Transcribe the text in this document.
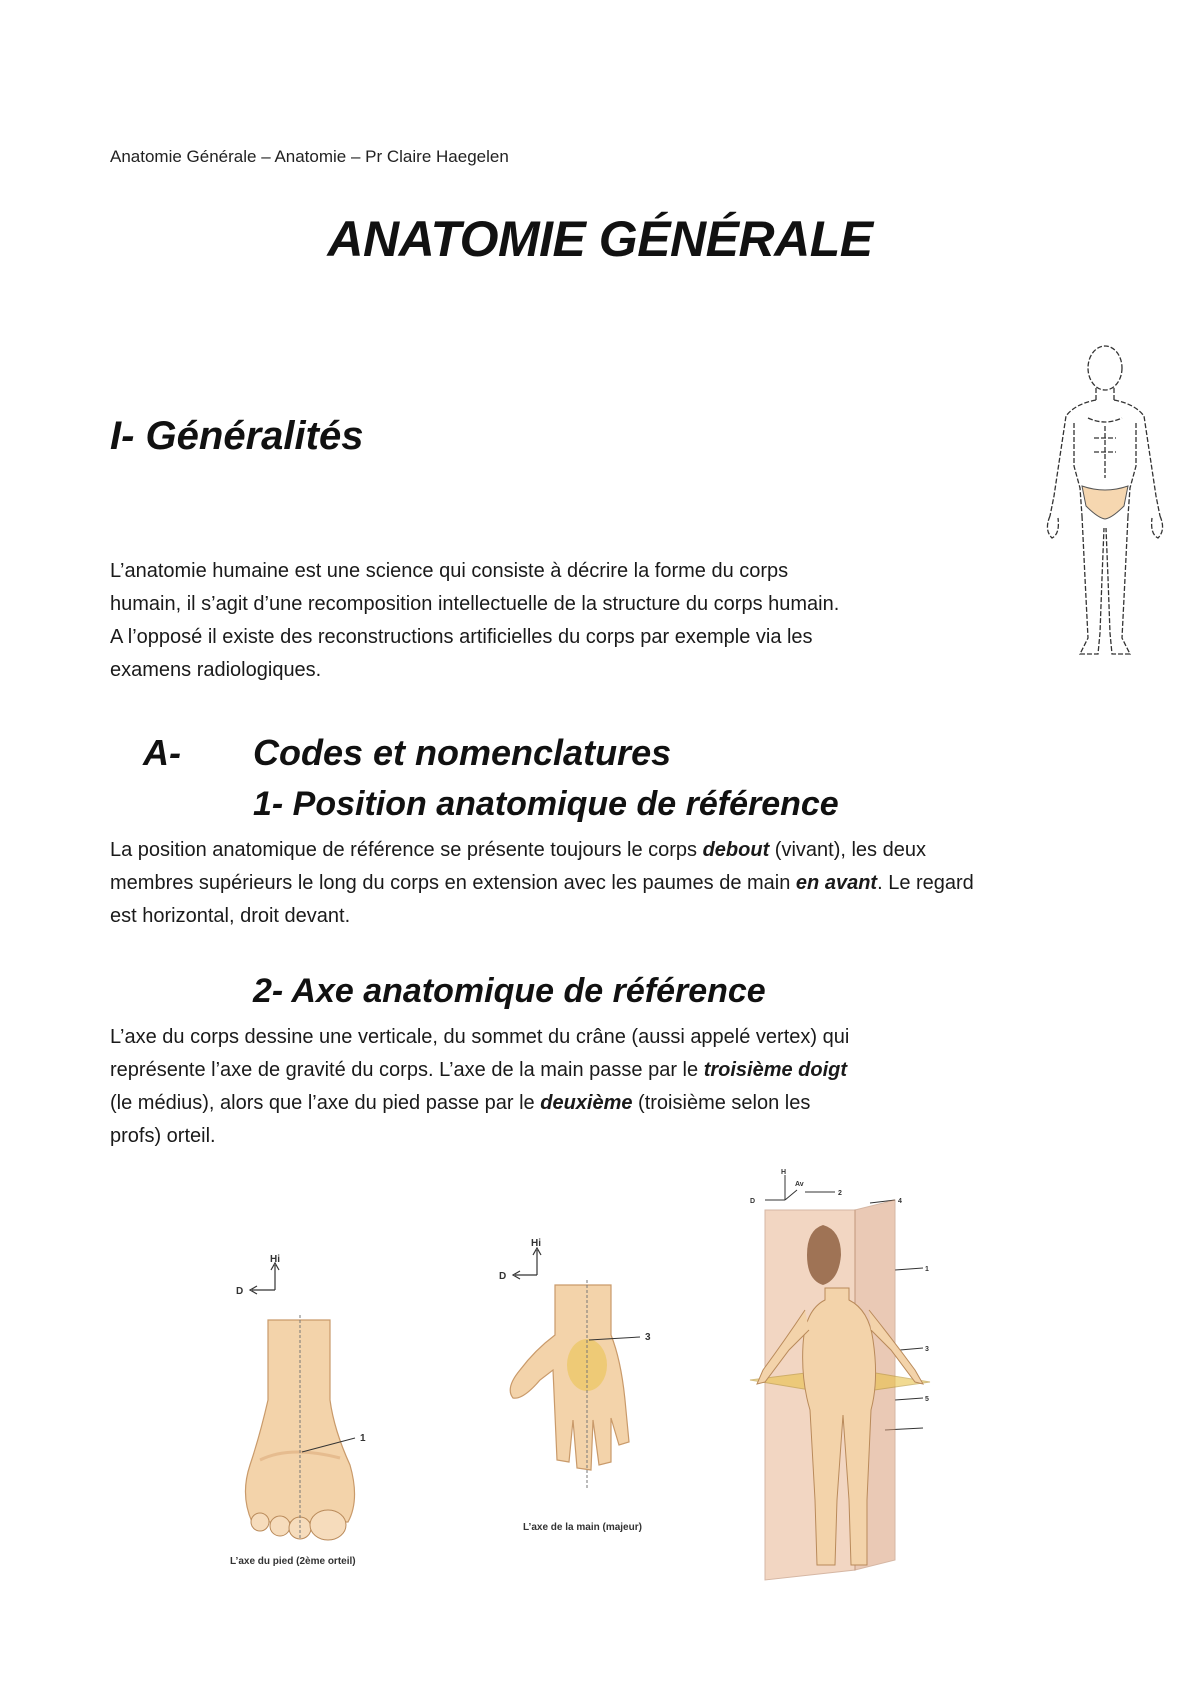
Anatomie Générale – Anatomie – Pr Claire Haegelen
ANATOMIE GÉNÉRALE
I- Généralités
L’anatomie humaine est une science qui consiste à décrire la forme du corps
humain, il s’agit d’une recomposition intellectuelle de la structure du corps humain.
A l’opposé il existe des reconstructions artificielles du corps par exemple via les
examens radiologiques.
A- Codes et nomenclatures
1- Position anatomique de référence
La position anatomique de référence se présente toujours le corps debout (vivant), les deux
membres supérieurs le long du corps en extension avec les paumes de main en avant. Le regard
est horizontal, droit devant.
2- Axe anatomique de référence
L’axe du corps dessine une verticale, du sommet du crâne (aussi appelé vertex) qui
représente l’axe de gravité du corps. L’axe de la main passe par le troisième doigt
(le médius), alors que l’axe du pied passe par le deuxième (troisième selon les
profs) orteil.
Hi
D
1
L’axe du pied (2ème orteil)
Hi
D
3
L’axe de la main (majeur)
H
Av
D
2
4
1
3
5
